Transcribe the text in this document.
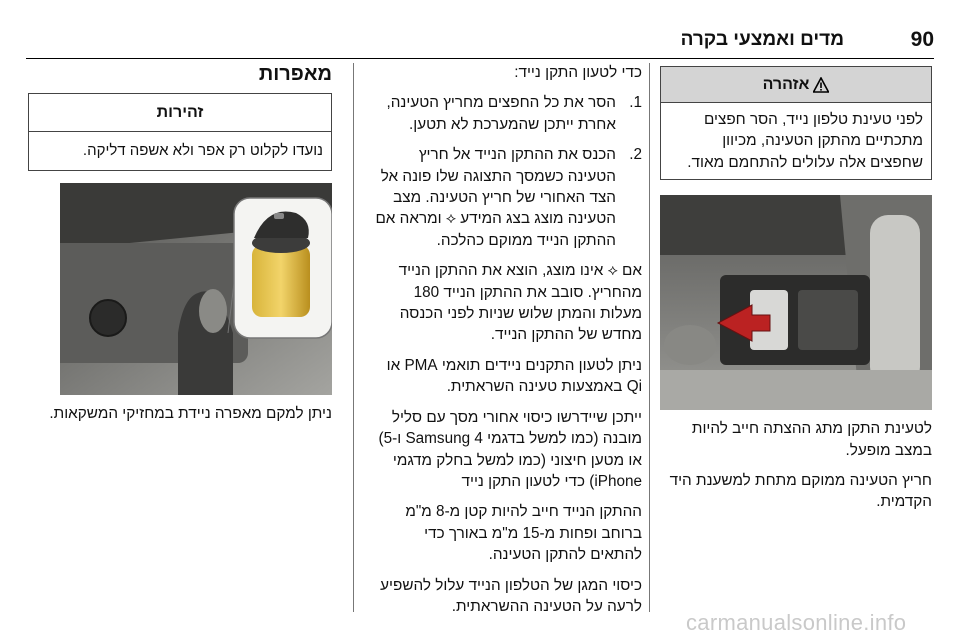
90
מדים ואמצעי בקרה
אזהרה
לפני טעינת טלפון נייד, הסר חפצים מתכתיים מהתקן הטעינה, מכיוון שחפצים אלה עלולים להתחמם מאוד.

לטעינת התקן מתג ההצתה חייב להיות במצב מופעל.

חריץ הטעינה ממוקם מתחת למשענת היד הקדמית.

כדי לטעון התקן נייד:

1.
הסר את כל החפצים מחריץ הטעינה, אחרת ייתכן שהמערכת לא תטען.
2.
הכנס את ההתקן הנייד אל חריץ הטעינה כשמסך התצוגה שלו פונה אל הצד האחורי של חריץ הטעינה. מצב הטעינה מוצג בצג המידע ⟡ ומראה אם ההתקן הנייד ממוקם כהלכה.

אם ⟡ אינו מוצג, הוצא את ההתקן הנייד מהחריץ. סובב את ההתקן הנייד 180 מעלות והמתן שלוש שניות לפני הכנסה מחדש של ההתקן הנייד.

ניתן לטעון התקנים ניידים תואמי PMA או Qi באמצעות טעינה השראתית.

ייתכן שיידרשו כיסוי אחורי מסך עם סליל מובנה (כמו למשל בדגמי Samsung 4 ו-5) או מטען חיצוני (כמו למשל בחלק מדגמי iPhone) כדי לטעון התקן נייד

ההתקן הנייד חייב להיות קטן מ-8 מ"מ ברוחב ופחות מ-15 מ"מ באורך כדי להתאים להתקן הטעינה.

כיסוי המגן של הטלפון הנייד עלול להשפיע לרעה על הטעינה ההשראתית.

מאפרות
זהירות
נועדו לקלוט רק אפר ולא אשפה דליקה.

ניתן למקם מאפרה ניידת במחזיקי המשקאות.

carmanualsonline.info
